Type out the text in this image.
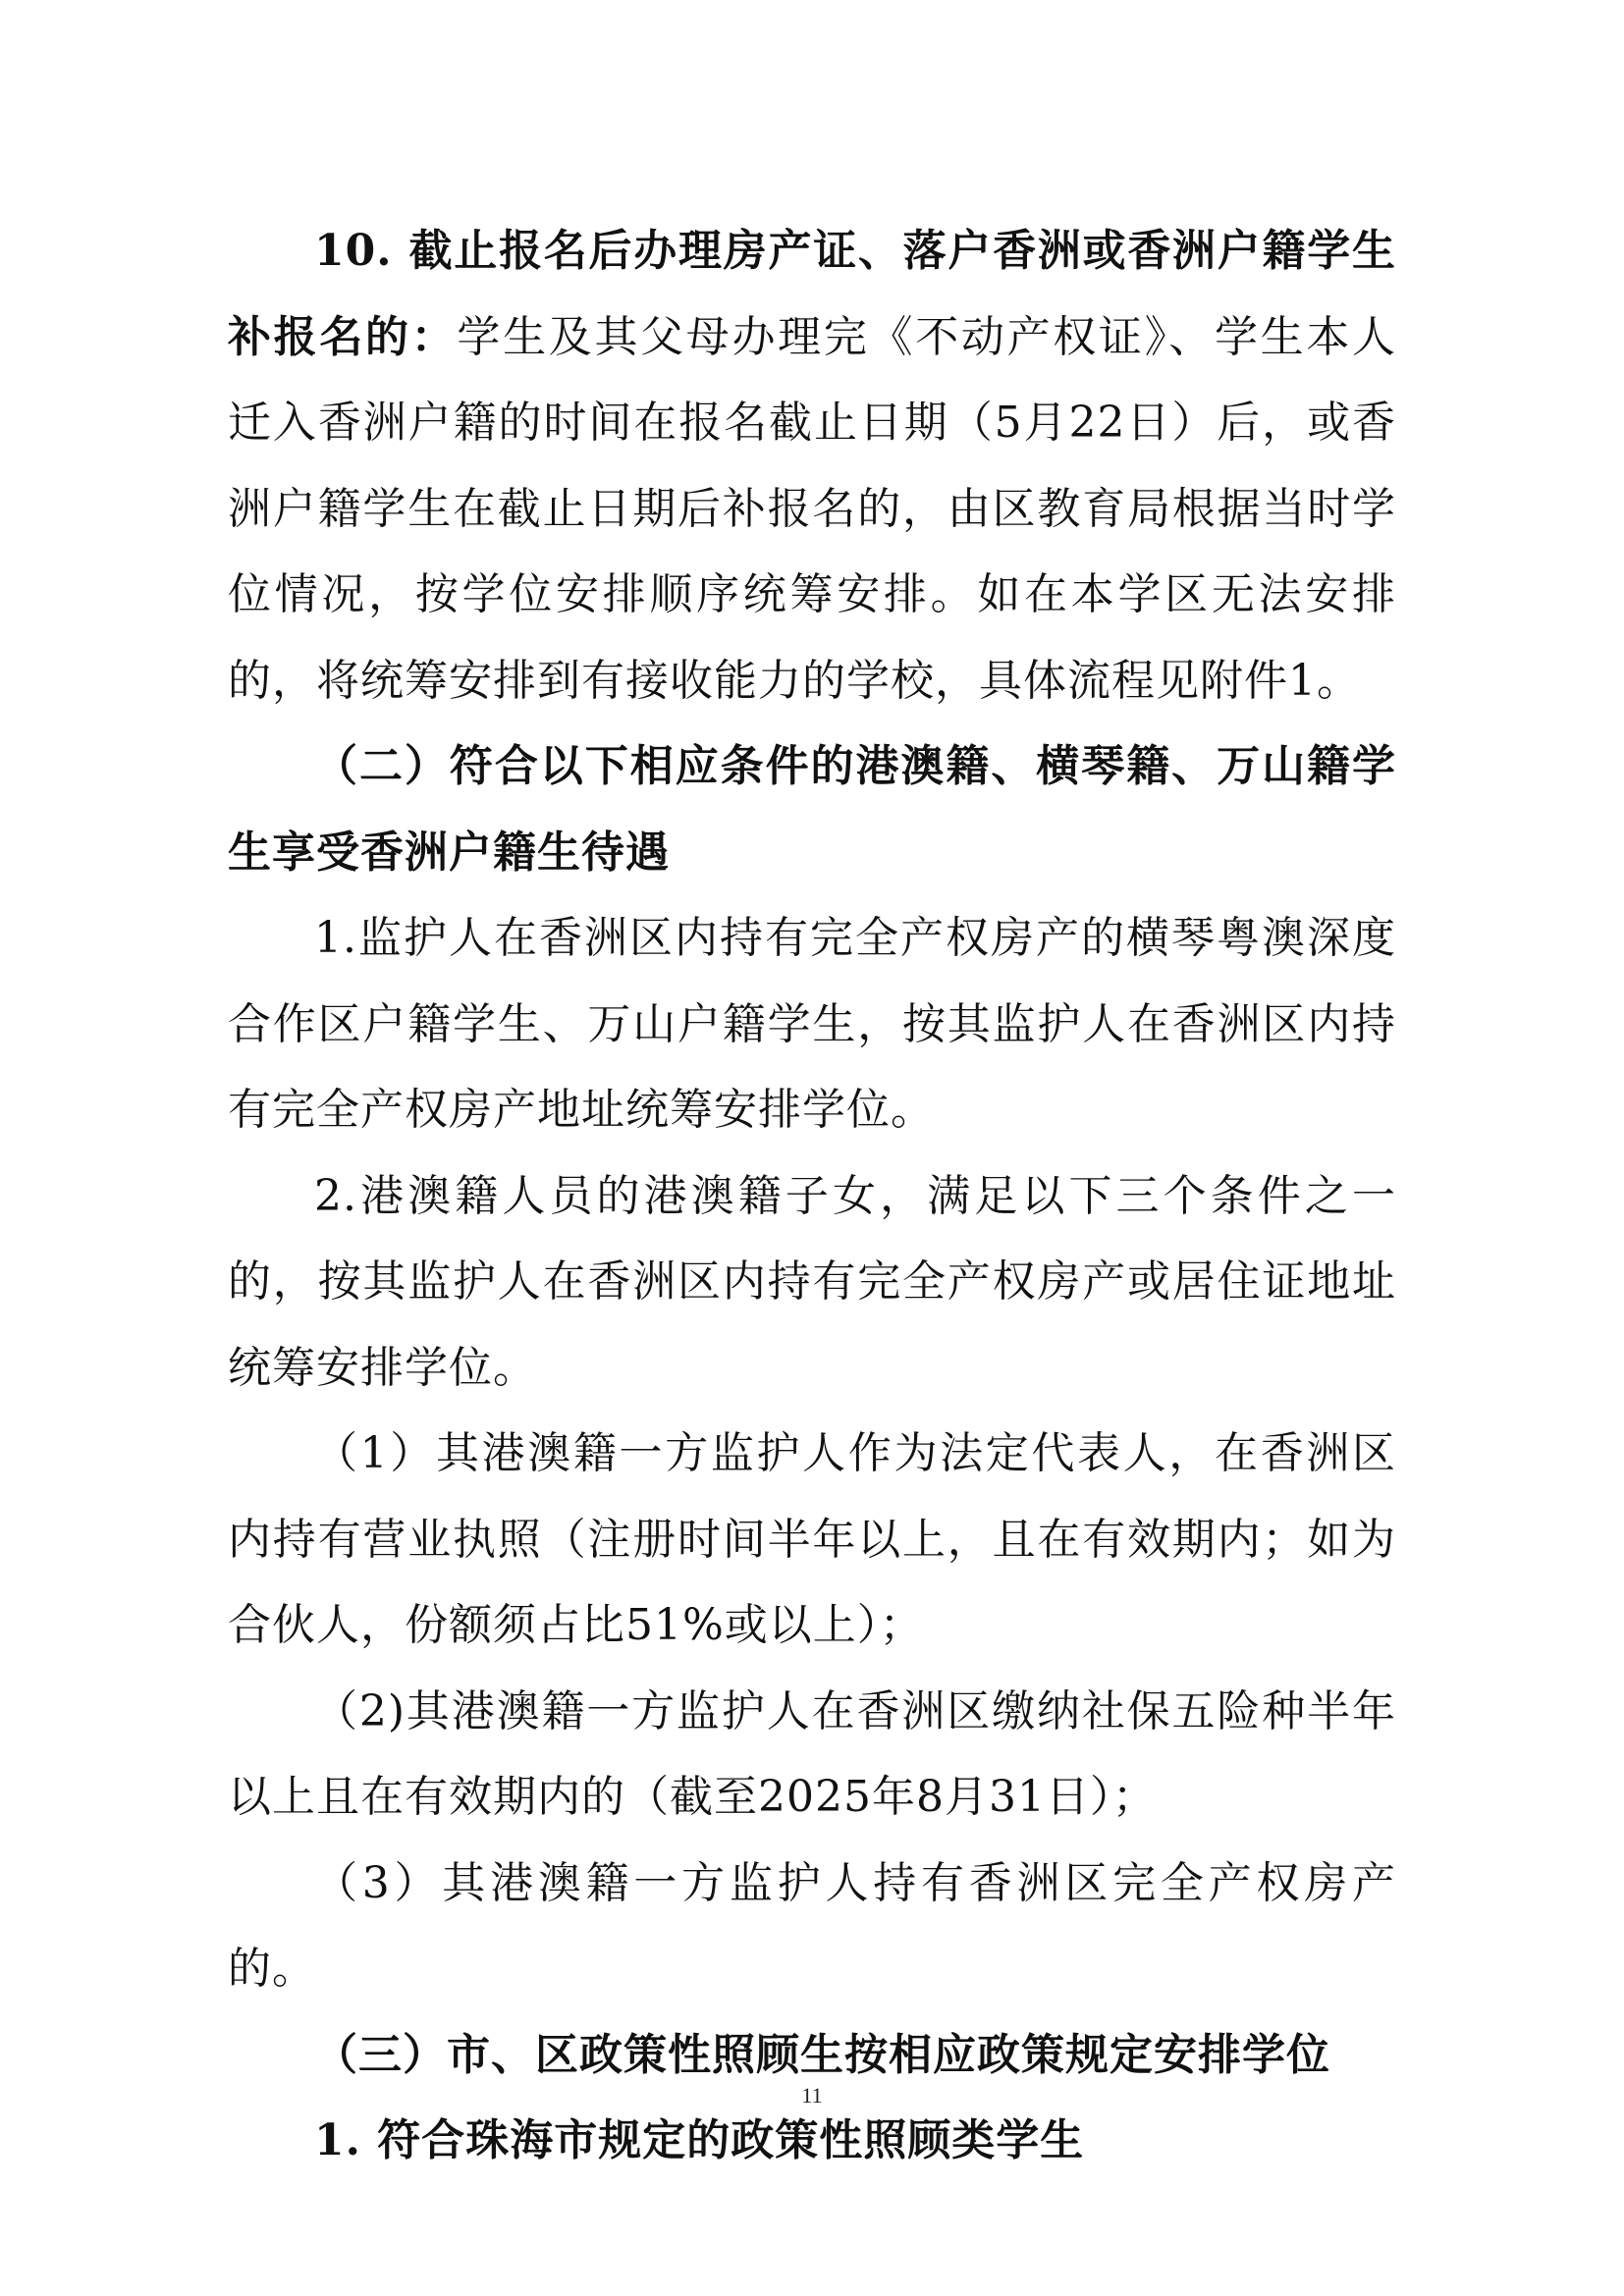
10. 截止报名后办理房产证、落户香洲或香洲户籍学生补报名的：学生及其父母办理完《不动产权证》、学生本人迁入香洲户籍的时间在报名截止日期（5月22日）后，或香洲户籍学生在截止日期后补报名的，由区教育局根据当时学位情况，按学位安排顺序统筹安排。如在本学区无法安排的，将统筹安排到有接收能力的学校，具体流程见附件1。

（二）符合以下相应条件的港澳籍、横琴籍、万山籍学生享受香洲户籍生待遇

1.监护人在香洲区内持有完全产权房产的横琴粤澳深度合作区户籍学生、万山户籍学生，按其监护人在香洲区内持有完全产权房产地址统筹安排学位。

2.港澳籍人员的港澳籍子女，满足以下三个条件之一的，按其监护人在香洲区内持有完全产权房产或居住证地址统筹安排学位。

（1）其港澳籍一方监护人作为法定代表人，在香洲区内持有营业执照（注册时间半年以上，且在有效期内；如为合伙人，份额须占比51%或以上）；

（2)其港澳籍一方监护人在香洲区缴纳社保五险种半年以上且在有效期内的（截至2025年8月31日）；

（3）其港澳籍一方监护人持有香洲区完全产权房产的。

（三）市、区政策性照顾生按相应政策规定安排学位

1. 符合珠海市规定的政策性照顾类学生

11
